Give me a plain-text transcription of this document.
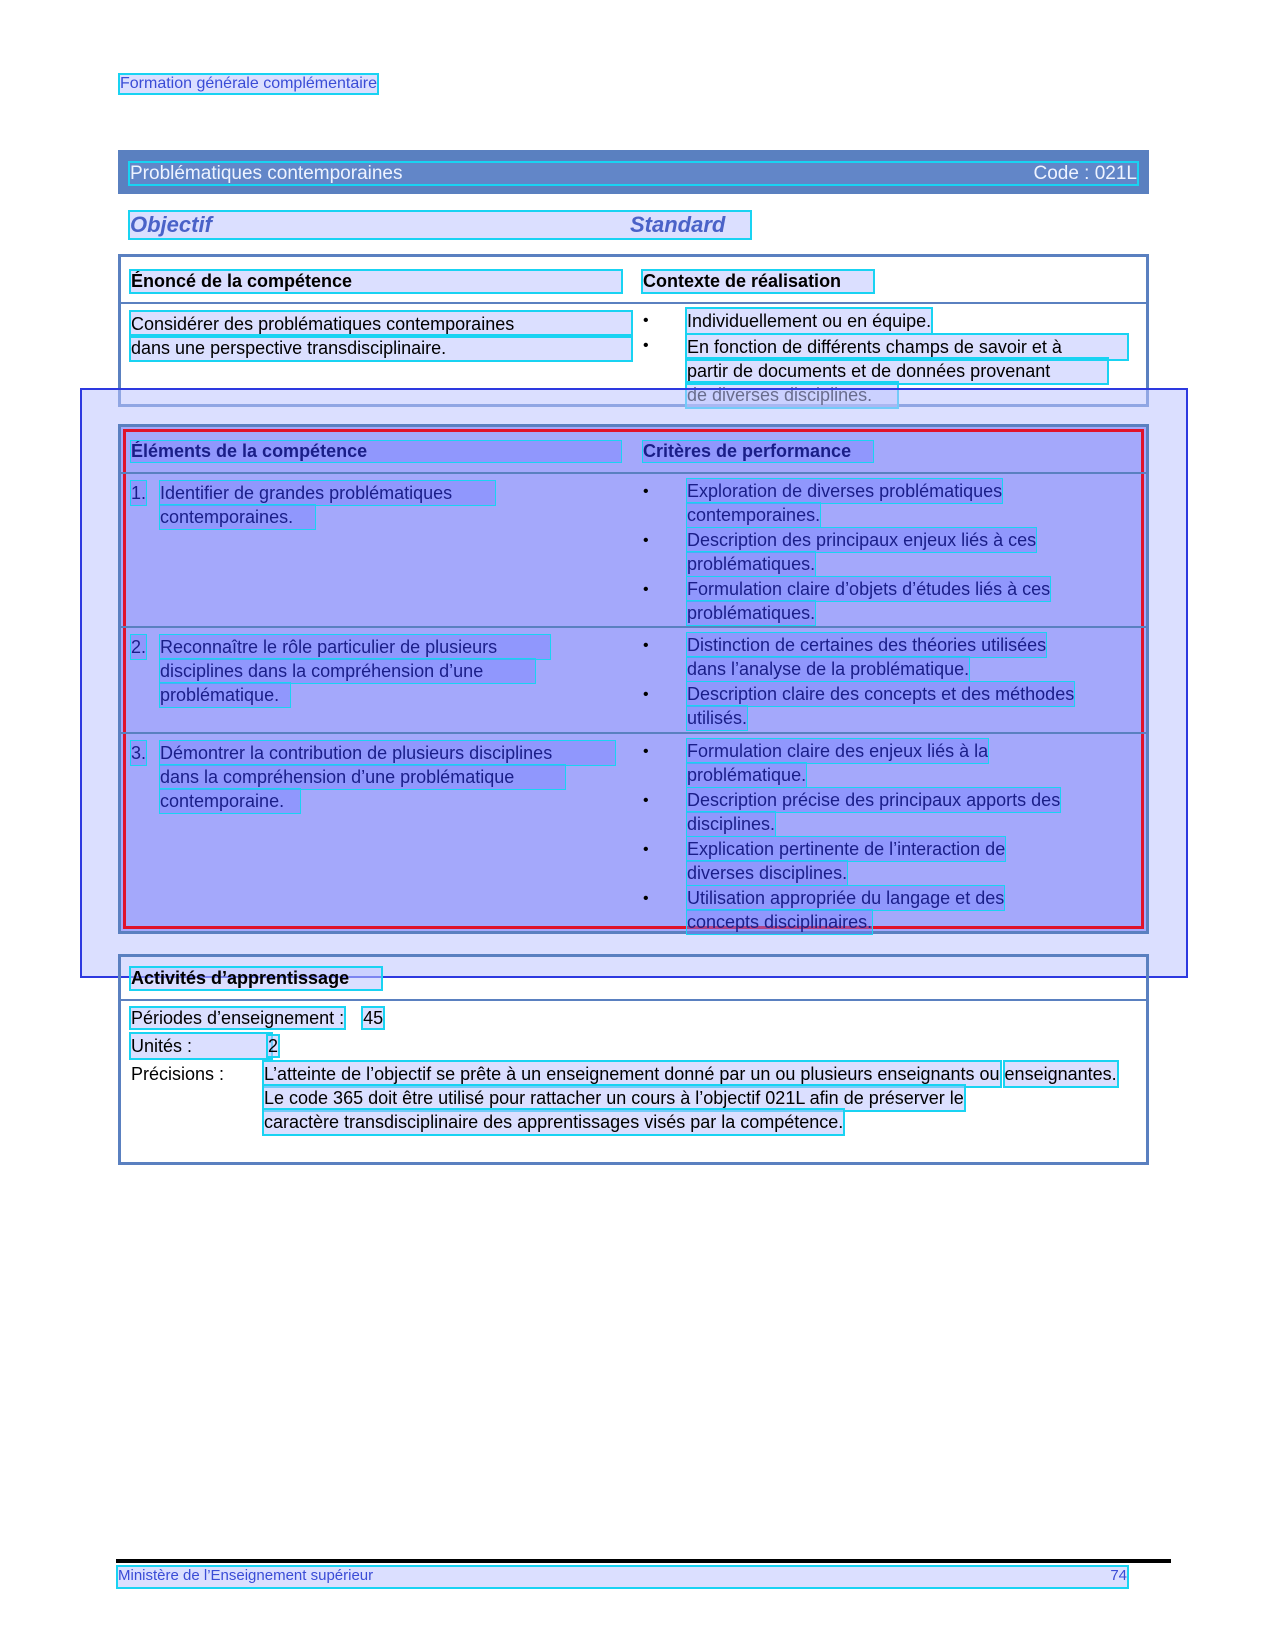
Formation générale complémentaire
Problématiques contemporaines	Code : 021L
Objectif	Standard
Énoncé de la compétence	Contexte de réalisation
Considérer des problématiques contemporaines
dans une perspective transdisciplinaire.
• Individuellement ou en équipe.
• En fonction de différents champs de savoir et à
partir de documents et de données provenant
Éléments de la compétence	Critères de performance
1. Identifier de grandes problématiques contemporaines.
• Exploration de diverses problématiques
contemporaines.
• Description des principaux enjeux liés à ces
problématiques.
• Formulation claire d’objets d’études liés à ces
problématiques.
2. Reconnaître le rôle particulier de plusieurs disciplines dans la compréhension d’une problématique.
• Distinction de certaines des théories utilisées
dans l’analyse de la problématique.
• Description claire des concepts et des méthodes
utilisés.
3. Démontrer la contribution de plusieurs disciplines dans la compréhension d’une problématique contemporaine.
• Formulation claire des enjeux liés à la
problématique.
• Description précise des principaux apports des
disciplines.
• Explication pertinente de l’interaction de
diverses disciplines.
• Utilisation appropriée du langage et des
concepts disciplinaires.
Activités d’apprentissage
Périodes d’enseignement : 45
Unités :	2
Précisions : L’atteinte de l’objectif se prête à un enseignement donné par un ou plusieurs enseignants ou enseignantes. Le code 365 doit être utilisé pour rattacher un cours à l’objectif 021L afin de préserver le caractère transdisciplinaire des apprentissages visés par la compétence.
Ministère de l’Enseignement supérieur	74
